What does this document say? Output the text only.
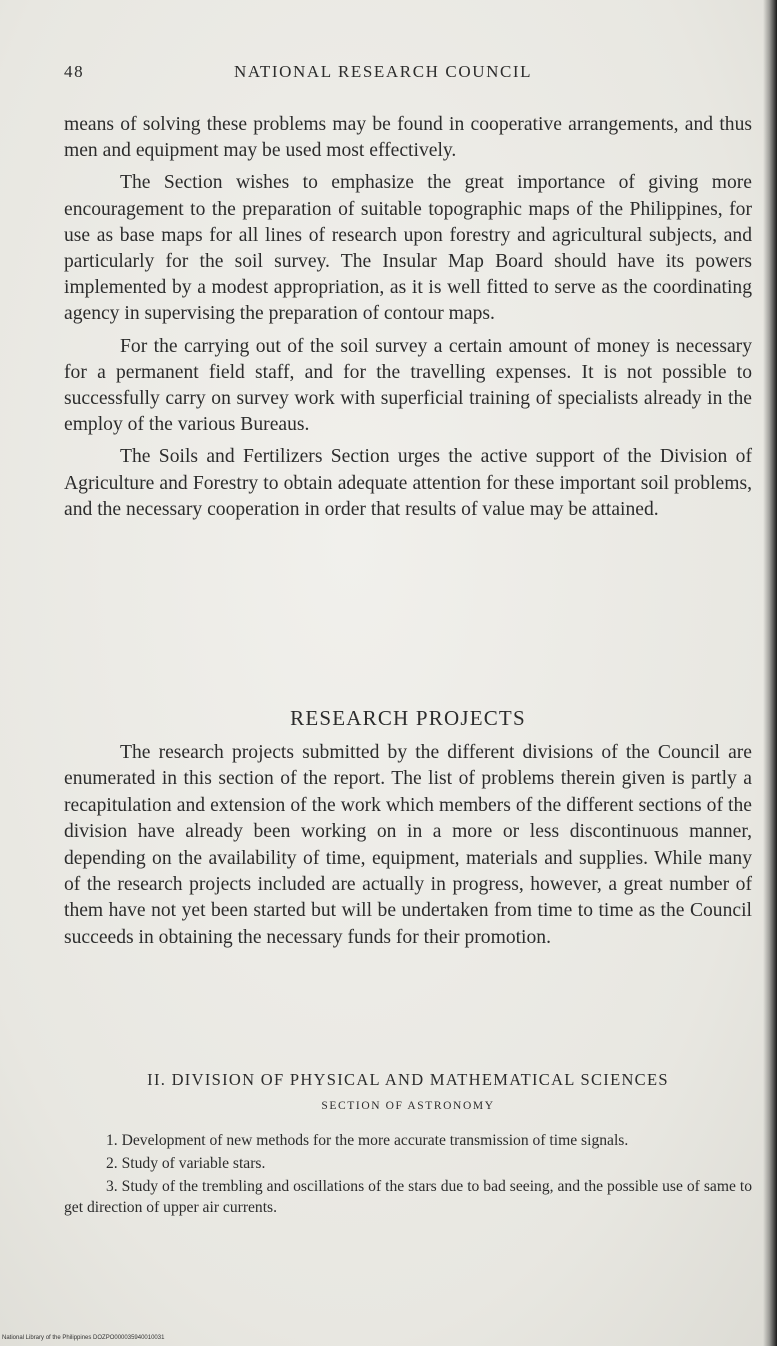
48	NATIONAL RESEARCH COUNCIL

means of solving these problems may be found in cooperative arrangements, and thus men and equipment may be used most effectively.

The Section wishes to emphasize the great importance of giving more encouragement to the preparation of suitable topographic maps of the Philippines, for use as base maps for all lines of research upon forestry and agricultural subjects, and particularly for the soil survey. The Insular Map Board should have its powers implemented by a modest appropriation, as it is well fitted to serve as the coordinating agency in supervising the preparation of contour maps.

For the carrying out of the soil survey a certain amount of money is necessary for a permanent field staff, and for the travelling expenses. It is not possible to successfully carry on survey work with superficial training of specialists already in the employ of the various Bureaus.

The Soils and Fertilizers Section urges the active support of the Division of Agriculture and Forestry to obtain adequate attention for these important soil problems, and the necessary cooperation in order that results of value may be attained.

RESEARCH PROJECTS

The research projects submitted by the different divisions of the Council are enumerated in this section of the report. The list of problems therein given is partly a recapitulation and extension of the work which members of the different sections of the division have already been working on in a more or less discontinuous manner, depending on the availability of time, equipment, materials and supplies. While many of the research projects included are actually in progress, however, a great number of them have not yet been started but will be undertaken from time to time as the Council succeeds in obtaining the necessary funds for their promotion.

II. DIVISION OF PHYSICAL AND MATHEMATICAL SCIENCES
SECTION OF ASTRONOMY

1. Development of new methods for the more accurate transmission of time signals.

2. Study of variable stars.

3. Study of the trembling and oscillations of the stars due to bad seeing, and the possible use of same to get direction of upper air currents.

National Library of the Philippines DOZPO000035940010031
